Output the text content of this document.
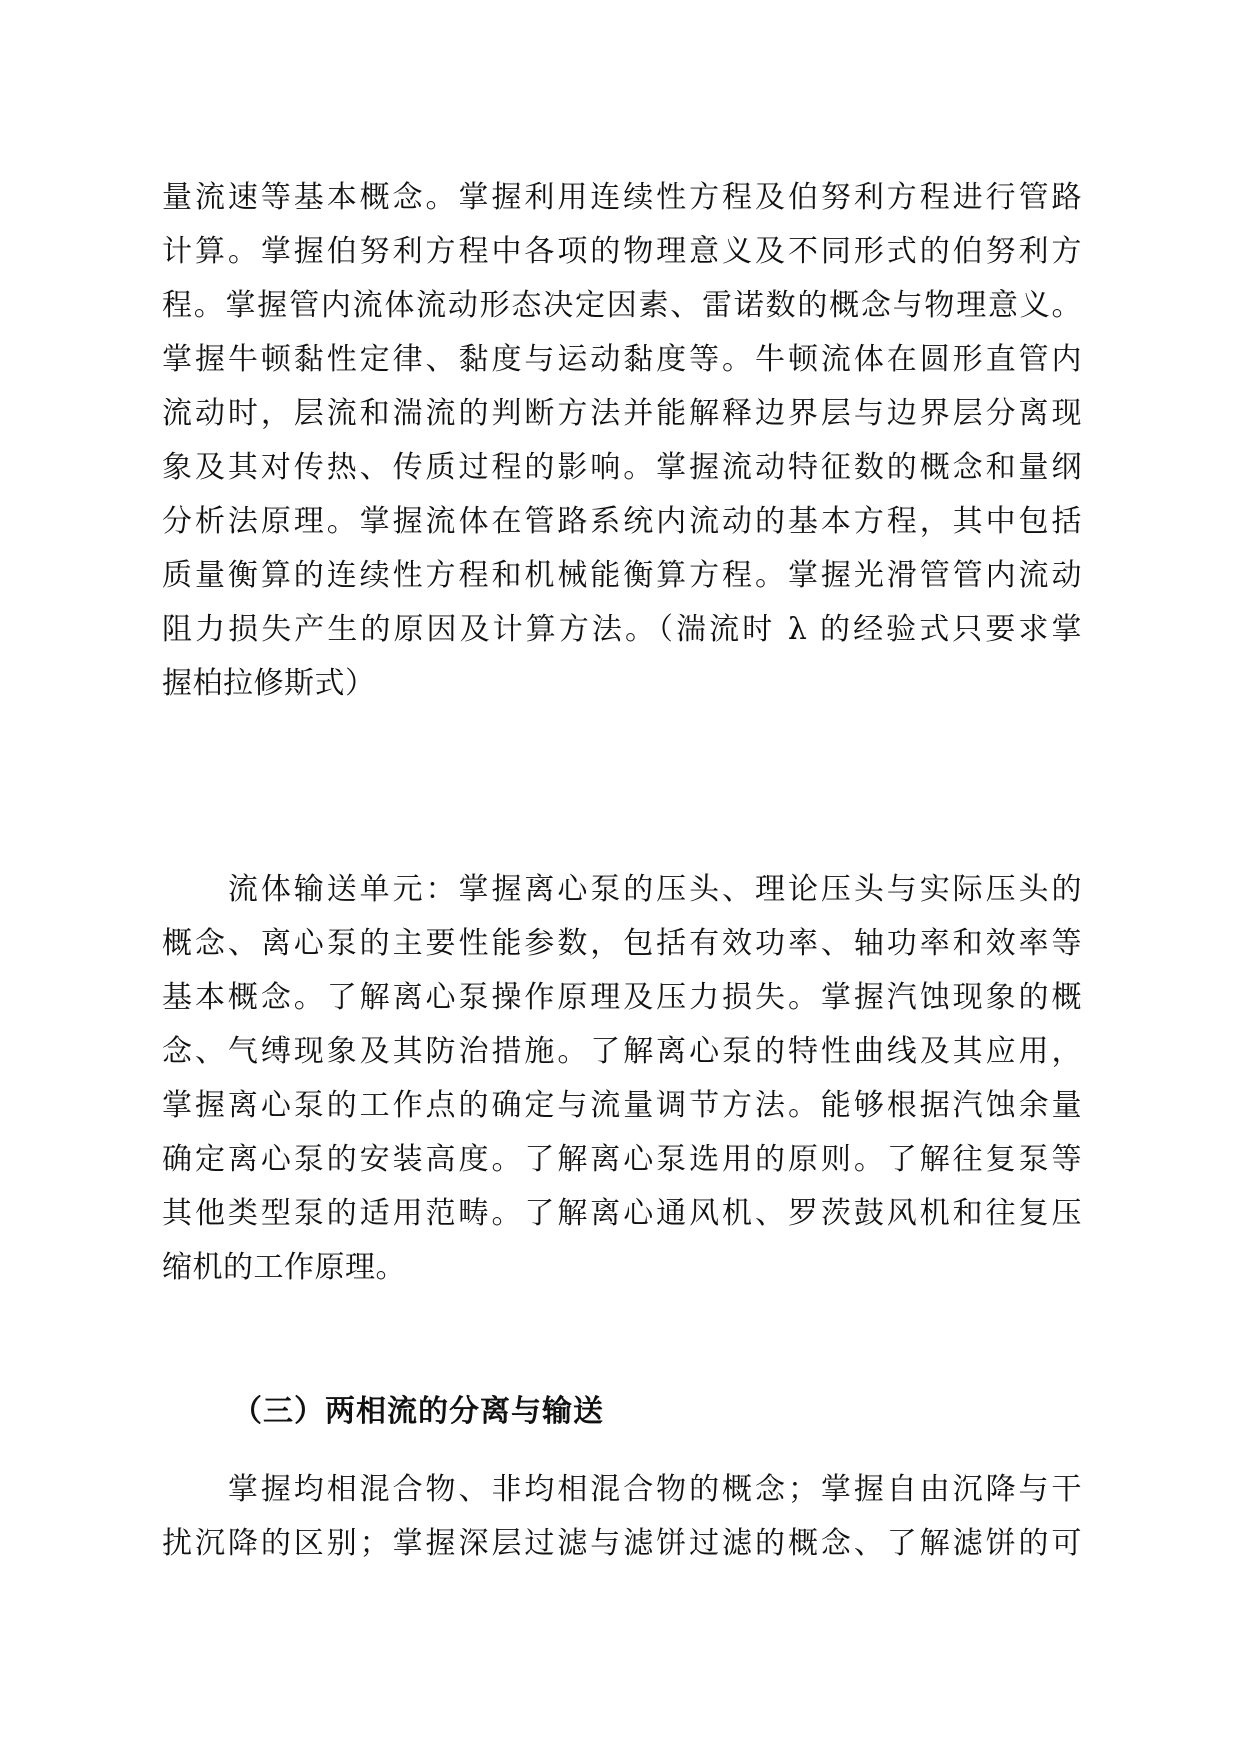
量流速等基本概念。掌握利用连续性方程及伯努利方程进行管路
计算。掌握伯努利方程中各项的物理意义及不同形式的伯努利方
程。掌握管内流体流动形态决定因素、雷诺数的概念与物理意义。
掌握牛顿黏性定律、黏度与运动黏度等。牛顿流体在圆形直管内
流动时，层流和湍流的判断方法并能解释边界层与边界层分离现
象及其对传热、传质过程的影响。掌握流动特征数的概念和量纲
分析法原理。掌握流体在管路系统内流动的基本方程，其中包括
质量衡算的连续性方程和机械能衡算方程。掌握光滑管管内流动
阻力损失产生的原因及计算方法。（湍流时 λ 的经验式只要求掌
握柏拉修斯式）
　　流体输送单元：掌握离心泵的压头、理论压头与实际压头的
概念、离心泵的主要性能参数，包括有效功率、轴功率和效率等
基本概念。了解离心泵操作原理及压力损失。掌握汽蚀现象的概
念、气缚现象及其防治措施。了解离心泵的特性曲线及其应用，
掌握离心泵的工作点的确定与流量调节方法。能够根据汽蚀余量
确定离心泵的安装高度。了解离心泵选用的原则。了解往复泵等
其他类型泵的适用范畴。了解离心通风机、罗茨鼓风机和往复压
缩机的工作原理。
（三）两相流的分离与输送
　　掌握均相混合物、非均相混合物的概念；掌握自由沉降与干
扰沉降的区别；掌握深层过滤与滤饼过滤的概念、了解滤饼的可
